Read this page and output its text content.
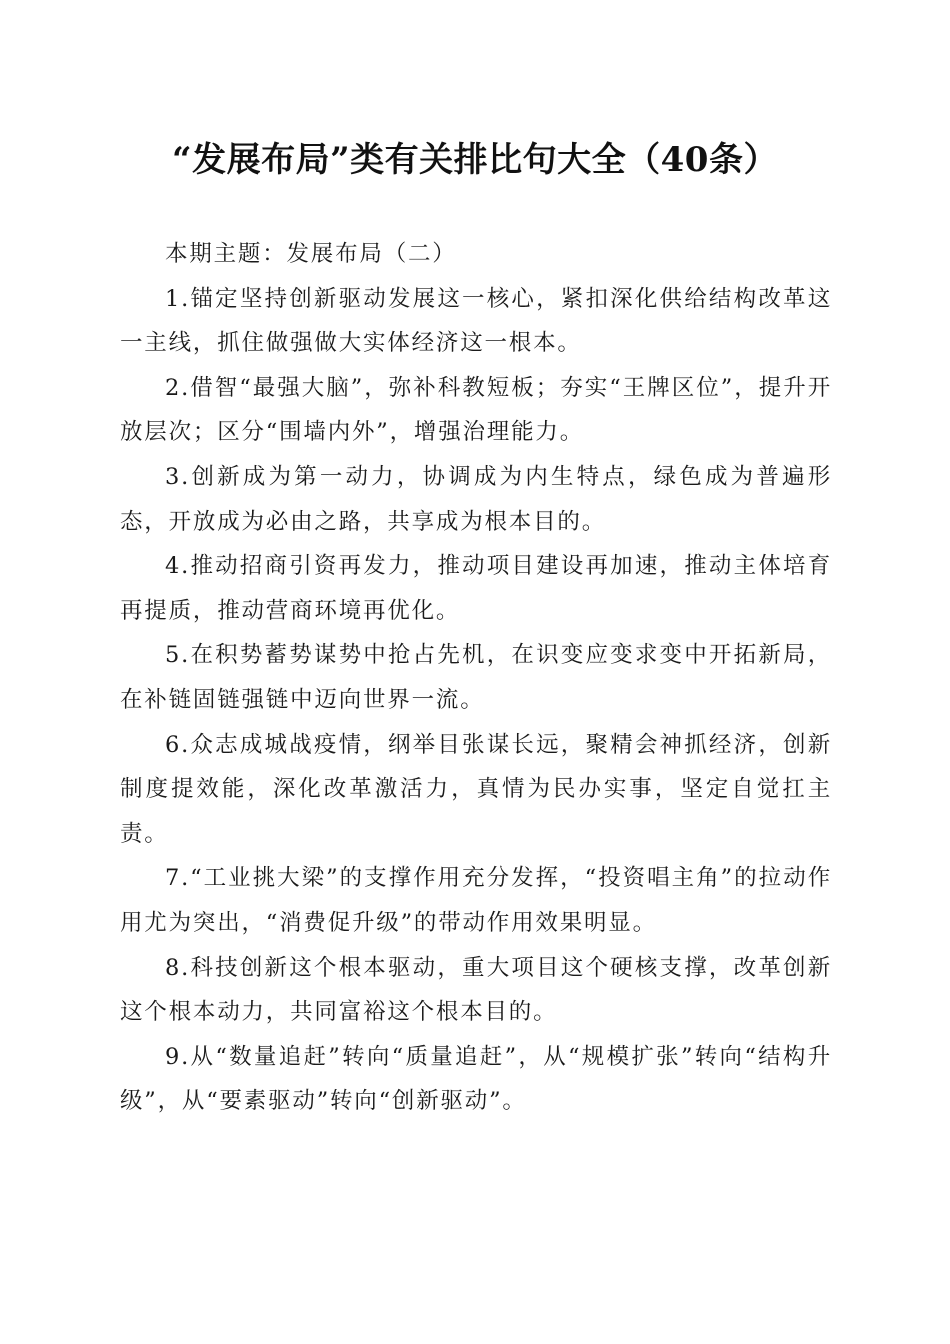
“发展布局”类有关排比句大全（40条）

本期主题：发展布局（二）

1.锚定坚持创新驱动发展这一核心，紧扣深化供给结构改革这一主线，抓住做强做大实体经济这一根本。

2.借智“最强大脑”，弥补科教短板；夯实“王牌区位”，提升开放层次；区分“围墙内外”，增强治理能力。

3.创新成为第一动力，协调成为内生特点，绿色成为普遍形态，开放成为必由之路，共享成为根本目的。

4.推动招商引资再发力，推动项目建设再加速，推动主体培育再提质，推动营商环境再优化。

5.在积势蓄势谋势中抢占先机，在识变应变求变中开拓新局，在补链固链强链中迈向世界一流。

6.众志成城战疫情，纲举目张谋长远，聚精会神抓经济，创新制度提效能，深化改革激活力，真情为民办实事，坚定自觉扛主责。

7.“工业挑大梁”的支撑作用充分发挥，“投资唱主角”的拉动作用尤为突出，“消费促升级”的带动作用效果明显。

8.科技创新这个根本驱动，重大项目这个硬核支撑，改革创新这个根本动力，共同富裕这个根本目的。

9.从“数量追赶”转向“质量追赶”，从“规模扩张”转向“结构升级”，从“要素驱动”转向“创新驱动”。
